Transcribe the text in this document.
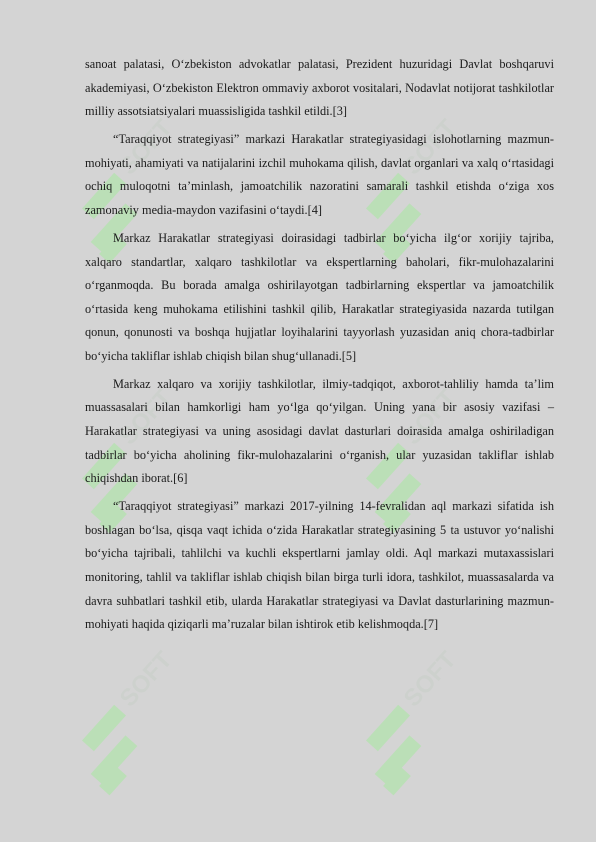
SOFT	SOFT
SOFT	SOFT
SOFT	SOFT

sanoat palatasi, O‘zbekiston advokatlar palatasi, Prezident huzuridagi Davlat boshqaruvi akademiyasi, O‘zbekiston Elektron ommaviy axborot vositalari, Nodavlat notijorat tashkilotlar milliy assotsiatsiyalari muassisligida tashkil etildi.[3]

“Taraqqiyot strategiyasi” markazi Harakatlar strategiyasidagi islohotlarning mazmun-mohiyati, ahamiyati va natijalarini izchil muhokama qilish, davlat organlari va xalq o‘rtasidagi ochiq muloqotni ta’minlash, jamoatchilik nazoratini samarali tashkil etishda o‘ziga xos zamonaviy media-maydon vazifasini o‘taydi.[4]

Markaz Harakatlar strategiyasi doirasidagi tadbirlar bo‘yicha ilg‘or xorijiy tajriba, xalqaro standartlar, xalqaro tashkilotlar va ekspertlarning baholari, fikr-mulohazalarini o‘rganmoqda. Bu borada amalga oshirilayotgan tadbirlarning ekspertlar va jamoatchilik o‘rtasida keng muhokama etilishini tashkil qilib, Harakatlar strategiyasida nazarda tutilgan qonun, qonunosti va boshqa hujjatlar loyihalarini tayyorlash yuzasidan aniq chora-tadbirlar bo‘yicha takliflar ishlab chiqish bilan shug‘ullanadi.[5]

Markaz xalqaro va xorijiy tashkilotlar, ilmiy-tadqiqot, axborot-tahliliy hamda ta’lim muassasalari bilan hamkorligi ham yo‘lga qo‘yilgan. Uning yana bir asosiy vazifasi – Harakatlar strategiyasi va uning asosidagi davlat dasturlari doirasida amalga oshiriladigan tadbirlar bo‘yicha aholining fikr-mulohazalarini o‘rganish, ular yuzasidan takliflar ishlab chiqishdan iborat.[6]

“Taraqqiyot strategiyasi” markazi 2017-yilning 14-fevralidan aql markazi sifatida ish boshlagan bo‘lsa, qisqa vaqt ichida o‘zida Harakatlar strategiyasining 5 ta ustuvor yo‘nalishi bo‘yicha tajribali, tahlilchi va kuchli ekspertlarni jamlay oldi. Aql markazi mutaxassislari monitoring, tahlil va takliflar ishlab chiqish bilan birga turli idora, tashkilot, muassasalarda va davra suhbatlari tashkil etib, ularda Harakatlar strategiyasi va Davlat dasturlarining mazmun-mohiyati haqida qiziqarli ma’ruzalar bilan ishtirok etib kelishmoqda.[7]
